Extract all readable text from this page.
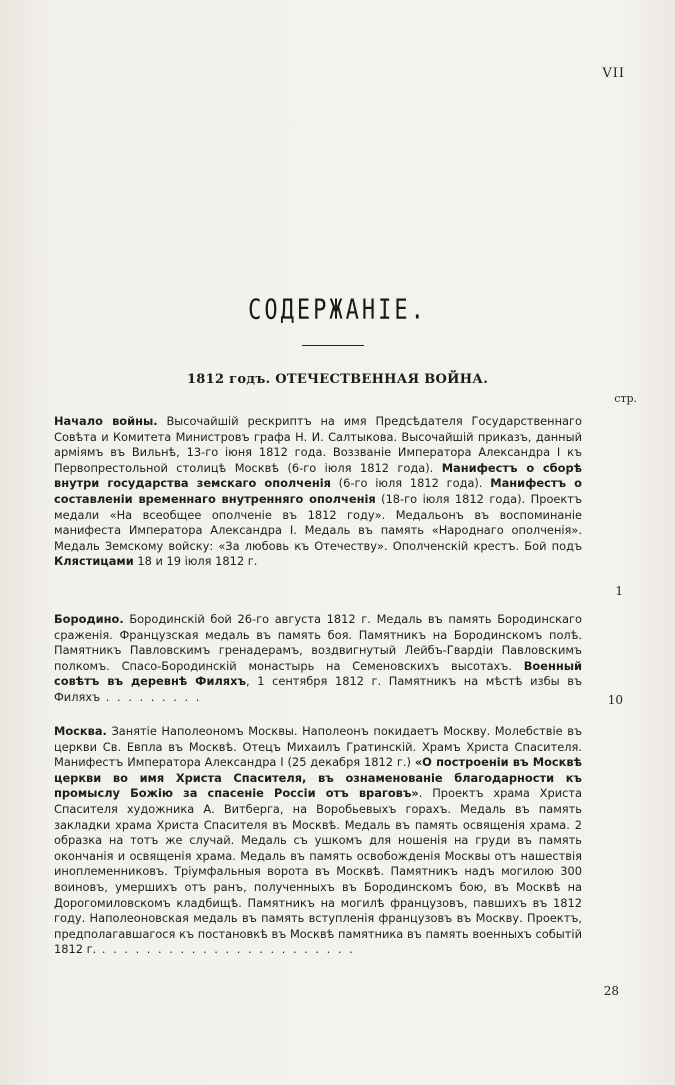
VII
СОДЕРЖАНІЕ.
1812 годъ. ОТЕЧЕСТВЕННАЯ ВОЙНА.
стр.
Начало войны. Высочайшій рескриптъ на имя Предсѣдателя Государственнаго Совѣта и Комитета Министровъ графа Н. И. Салтыкова. Высочайшій приказъ, данный арміямъ въ Вильнѣ, 13-го іюня 1812 года. Воззваніе Императора Александра I къ Первопрестольной столицѣ Москвѣ (6-го іюля 1812 года). Манифестъ о сборѣ внутри государства земскаго ополченія (6-го іюля 1812 года). Манифестъ о составленіи временнаго внутренняго ополченія (18-го іюля 1812 года). Проектъ медали «На всеобщее ополченіе въ 1812 году». Медальонъ въ воспоминаніе манифеста Императора Александра I. Медаль въ память «Народнаго ополченія». Медаль Земскому войску: «За любовь къ Отечеству». Ополченскій крестъ. Бой подъ Клястицами 18 и 19 іюля 1812 г.
1
Бородино. Бородинскій бой 26-го августа 1812 г. Медаль въ память Бородинскаго сраженія. Французская медаль въ память боя. Памятникъ на Бородинскомъ полѣ. Памятникъ Павловскимъ гренадерамъ, воздвигнутый Лейбъ-Гвардіи Павловскимъ полкомъ. Спасо-Бородинскій монастырь на Семеновскихъ высотахъ. Военный совѣтъ въ деревнѣ Филяхъ, 1 сентября 1812 г. Памятникъ на мѣстѣ избы въ Филяхъ . . . . . . . . .	10
Москва. Занятіе Наполеономъ Москвы. Наполеонъ покидаетъ Москву. Молебствіе въ церкви Св. Евпла въ Москвѣ. Отецъ Михаилъ Гратинскій. Храмъ Христа Спасителя. Манифестъ Императора Александра I (25 декабря 1812 г.) «О построеніи въ Москвѣ церкви во имя Христа Спасителя, въ ознаменованіе благодарности къ промыслу Божію за спасеніе Россіи отъ враговъ». Проектъ храма Христа Спасителя художника А. Витберга, на Воробьевыхъ горахъ. Медаль въ память закладки храма Христа Спасителя въ Москвѣ. Медаль въ память освященія храма. 2 образка на тотъ же случай. Медаль съ ушкомъ для ношенія на груди въ память окончанія и освященія храма. Медаль въ память освобожденія Москвы отъ нашествія иноплеменниковъ. Тріумфальныя ворота въ Москвѣ. Памятникъ надъ могилою 300 воиновъ, умершихъ отъ ранъ, полученныхъ въ Бородинскомъ бою, въ Москвѣ на Дорогомиловскомъ кладбищѣ. Памятникъ на могилѣ французовъ, павшихъ въ 1812 году. Наполеоновская медаль въ память вступленія французовъ въ Москву. Проектъ, предполагавшагося къ постановкѣ въ Москвѣ памятника въ память военныхъ событій 1812 г. . . . . . . . . . . . . . . . . . . . . . . .
28
